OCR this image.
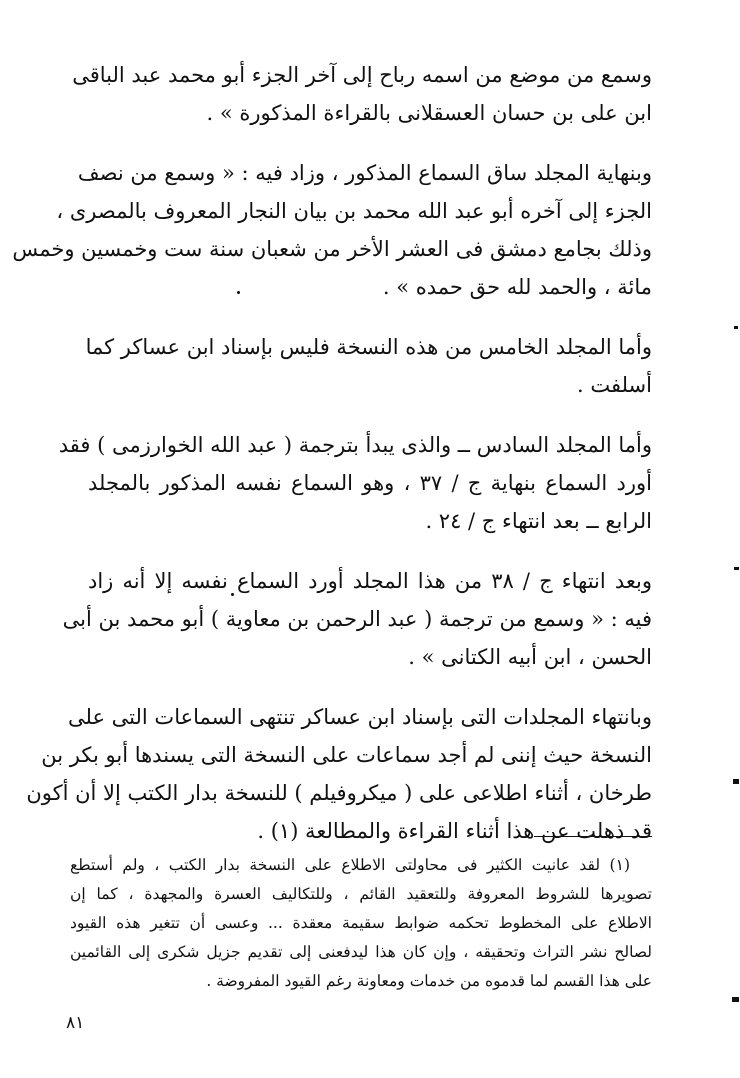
وسمع من موضع من اسمه رباح إلى آخر الجزء أبو محمد عبد الباقى
ابن على بن حسان العسقلانى بالقراءة المذكورة » .
وبنهاية المجلد ساق السماع المذكور ، وزاد فيه : « وسمع من نصف
الجزء إلى آخره أبو عبد الله محمد بن بيان النجار المعروف بالمصرى ،
وذلك بجامع دمشق فى العشر الأخر من شعبان سنة ست وخمسين وخمس
مائة ، والحمد لله حق حمده » .
وأما المجلد الخامس من هذه النسخة فليس بإسناد ابن عساكر كما
أسلفت .
وأما المجلد السادس ــ والذى يبدأ بترجمة ( عبد الله الخوارزمى ) فقد
أورد السماع بنهاية ج / ٣٧ ، وهو السماع نفسه المذكور بالمجلد
الرابع ــ بعد انتهاء ج / ٢٤ .
وبعد انتهاء ج / ٣٨ من هذا المجلد أورد السماع نفسه إلا أنه زاد
فيه : « وسمع من ترجمة ( عبد الرحمن بن معاوية ) أبو محمد بن أبى
الحسن ، ابن أبيه الكتانى » .
وبانتهاء المجلدات التى بإسناد ابن عساكر تنتهى السماعات التى على
النسخة حيث إننى لم أجد سماعات على النسخة التى يسندها أبو بكر بن
طرخان ، أثناء اطلاعى على ( ميكروفيلم ) للنسخة بدار الكتب إلا أن أكون
قد ذهلت عن هذا أثناء القراءة والمطالعة (١) .
(١) لقد عانيت الكثير فى محاولتى الاطلاع على النسخة بدار الكتب ، ولم أستطع
تصويرها للشروط المعروفة وللتعقيد القائم ، وللتكاليف العسرة والمجهدة ، كما إن
الاطلاع على المخطوط تحكمه ضوابط سقيمة معقدة ... وعسى أن تتغير هذه القيود
لصالح نشر التراث وتحقيقه ، وإن كان هذا ليدفعنى إلى تقديم جزيل شكرى إلى القائمين
على هذا القسم لما قدموه من خدمات ومعاونة رغم القيود المفروضة .
٨١
